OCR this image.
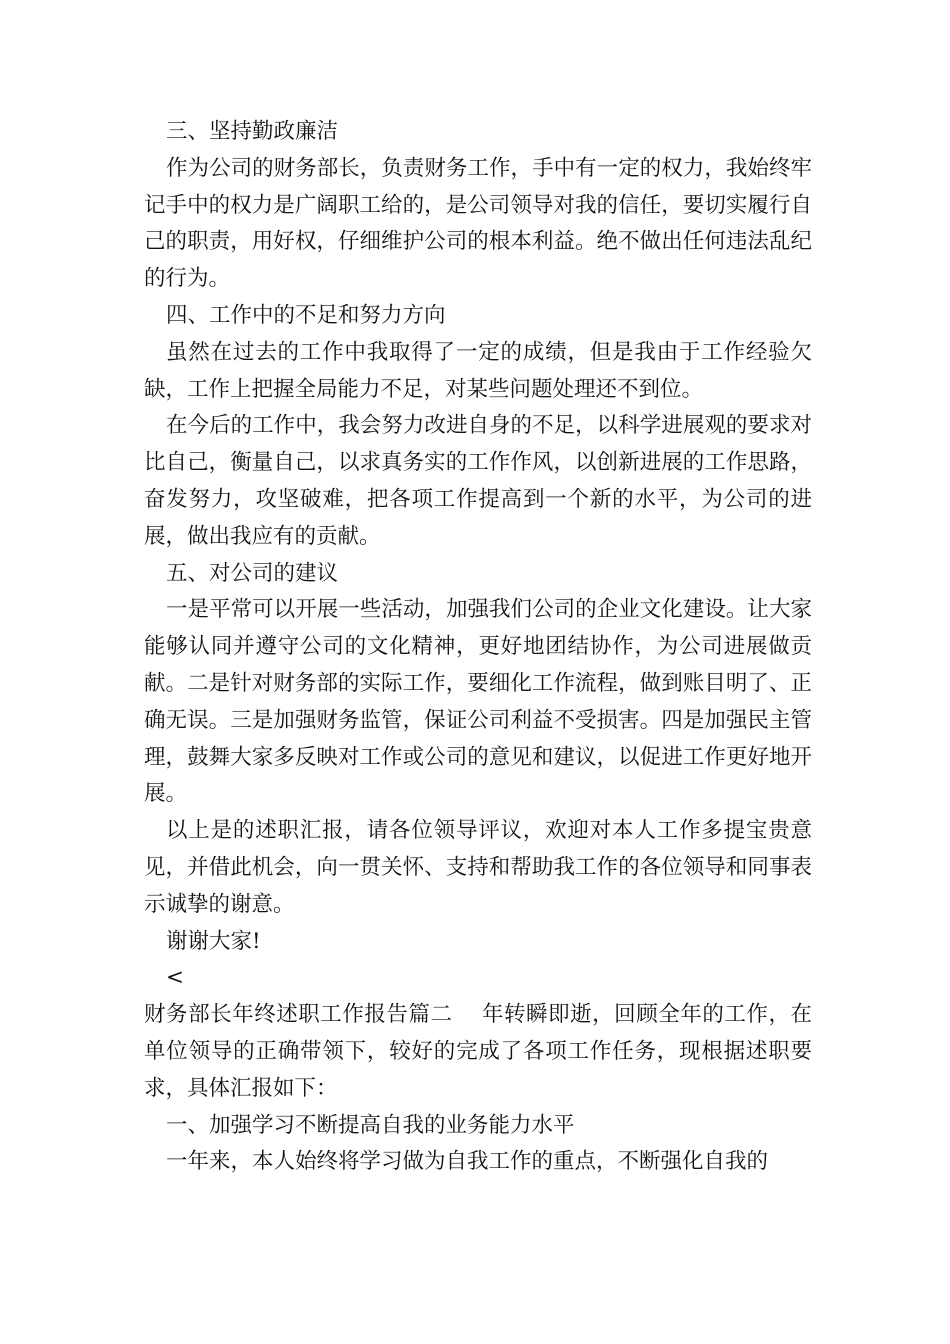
三、坚持勤政廉洁

作为公司的财务部长，负责财务工作，手中有一定的权力，我始终牢记手中的权力是广阔职工给的，是公司领导对我的信任，要切实履行自己的职责，用好权，仔细维护公司的根本利益。绝不做出任何违法乱纪的行为。

四、工作中的不足和努力方向

虽然在过去的工作中我取得了一定的成绩，但是我由于工作经验欠缺，工作上把握全局能力不足，对某些问题处理还不到位。

在今后的工作中，我会努力改进自身的不足，以科学进展观的要求对比自己，衡量自己，以求真务实的工作作风，以创新进展的工作思路，奋发努力，攻坚破难，把各项工作提高到一个新的水平，为公司的进展，做出我应有的贡献。

五、对公司的建议

一是平常可以开展一些活动，加强我们公司的企业文化建设。让大家能够认同并遵守公司的文化精神，更好地团结协作，为公司进展做贡献。二是针对财务部的实际工作，要细化工作流程，做到账目明了、正确无误。三是加强财务监管，保证公司利益不受损害。四是加强民主管理，鼓舞大家多反映对工作或公司的意见和建议，以促进工作更好地开展。

以上是的述职汇报，请各位领导评议，欢迎对本人工作多提宝贵意见，并借此机会，向一贯关怀、支持和帮助我工作的各位领导和同事表示诚挚的谢意。

谢谢大家!

<

财务部长年终述职工作报告篇二　 年转瞬即逝，回顾全年的工作，在单位领导的正确带领下，较好的完成了各项工作任务，现根据述职要求，具体汇报如下：

一、加强学习不断提高自我的业务能力水平

一年来，本人始终将学习做为自我工作的重点，不断强化自我的
